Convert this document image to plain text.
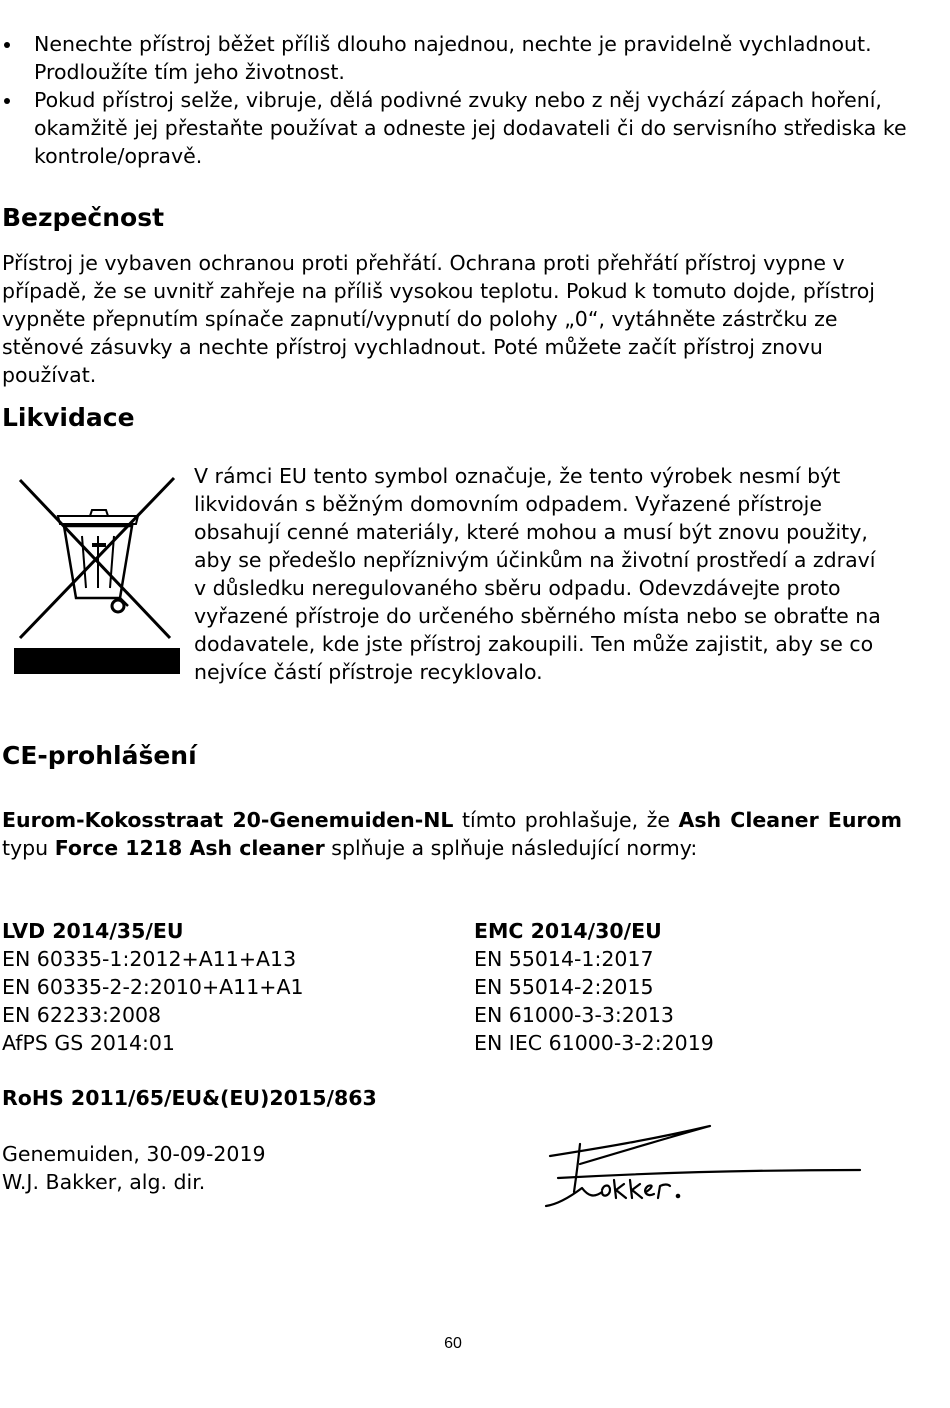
Nenechte přístroj běžet příliš dlouho najednou, nechte je pravidelně vychladnout. Prodloužíte tím jeho životnost.
Pokud přístroj selže, vibruje, dělá podivné zvuky nebo z něj vychází zápach hoření, okamžitě jej přestaňte používat a odneste jej dodavateli či do servisního střediska ke kontrole/opravě.
Bezpečnost

Přístroj je vybaven ochranou proti přehřátí. Ochrana proti přehřátí přístroj vypne v případě, že se uvnitř zahřeje na příliš vysokou teplotu. Pokud k tomuto dojde, přístroj vypněte přepnutím spínače zapnutí/vypnutí do polohy „0“, vytáhněte zástrčku ze stěnové zásuvky a nechte přístroj vychladnout. Poté můžete začít přístroj znovu používat.

Likvidace

V rámci EU tento symbol označuje, že tento výrobek nesmí být likvidován s běžným domovním odpadem. Vyřazené přístroje obsahují cenné materiály, které mohou a musí být znovu použity, aby se předešlo nepříznivým účinkům na životní prostředí a zdraví v důsledku neregulovaného sběru odpadu. Odevzdávejte proto vyřazené přístroje do určeného sběrného místa nebo se obraťte na dodavatele, kde jste přístroj zakoupili. Ten může zajistit, aby se co nejvíce částí přístroje recyklovalo.

CE-prohlášení

Eurom-Kokosstraat 20-Genemuiden-NL tímto prohlašuje, že Ash Cleaner Eurom typu Force 1218 Ash cleaner splňuje a splňuje následující normy:

LVD 2014/35/EU
EN 60335-1:2012+A11+A13
EN 60335-2-2:2010+A11+A1
EN 62233:2008
AfPS GS 2014:01
EMC 2014/30/EU
EN 55014-1:2017
EN 55014-2:2015
EN 61000-3-3:2013
EN IEC 61000-3-2:2019
RoHS 2011/65/EU&(EU)2015/863
Genemuiden, 30-09-2019
W.J. Bakker, alg. dir.
60
